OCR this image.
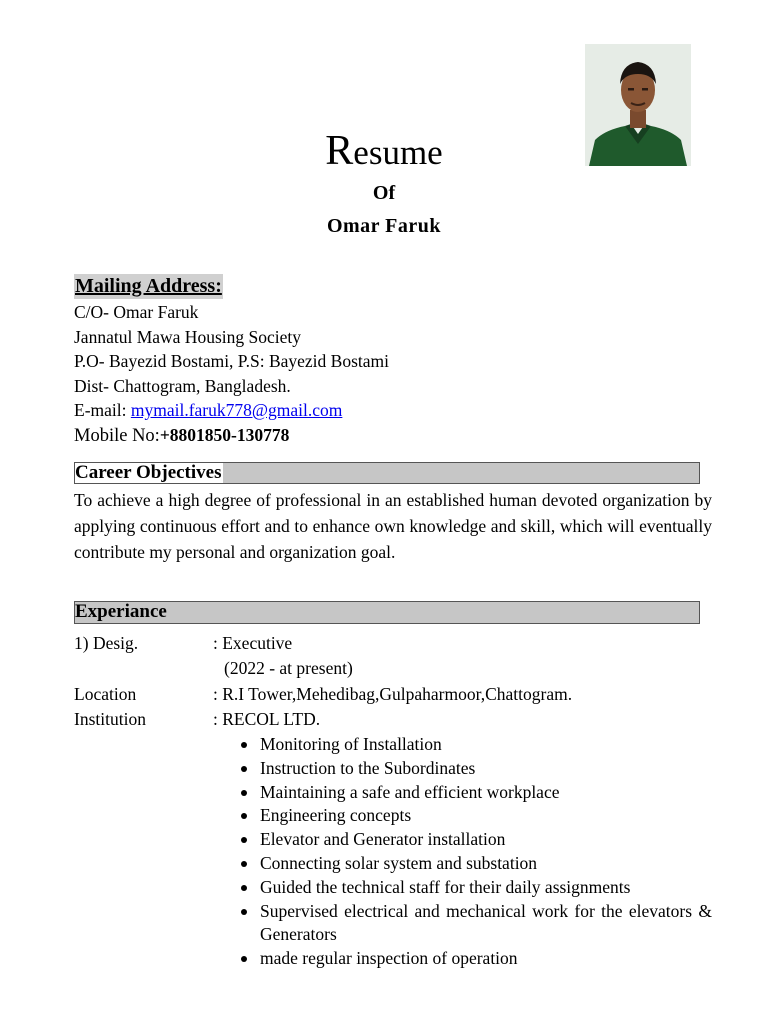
Resume
Of
Omar Faruk
Mailing Address:
C/O- Omar Faruk
Jannatul Mawa Housing Society
P.O- Bayezid Bostami, P.S: Bayezid Bostami
Dist- Chattogram, Bangladesh.
E-mail: mymail.faruk778@gmail.com
Mobile No:+8801850-130778
Career Objectives

To achieve a high degree of professional in an established human devoted organization by applying continuous effort and to enhance own knowledge and skill, which will eventually contribute my personal and organization goal.

Experiance
1) Desig.	: Executive
(2022 - at present)
Location	: R.I Tower,Mehedibag,Gulpaharmoor,Chattogram.
Institution	: RECOL LTD.
Monitoring of Installation
Instruction to the Subordinates
Maintaining a safe and efficient workplace
Engineering concepts
Elevator and Generator installation
Connecting solar system and substation
Guided the technical staff for their daily assignments
Supervised electrical and mechanical work for the elevators & Generators
made regular inspection of operation
